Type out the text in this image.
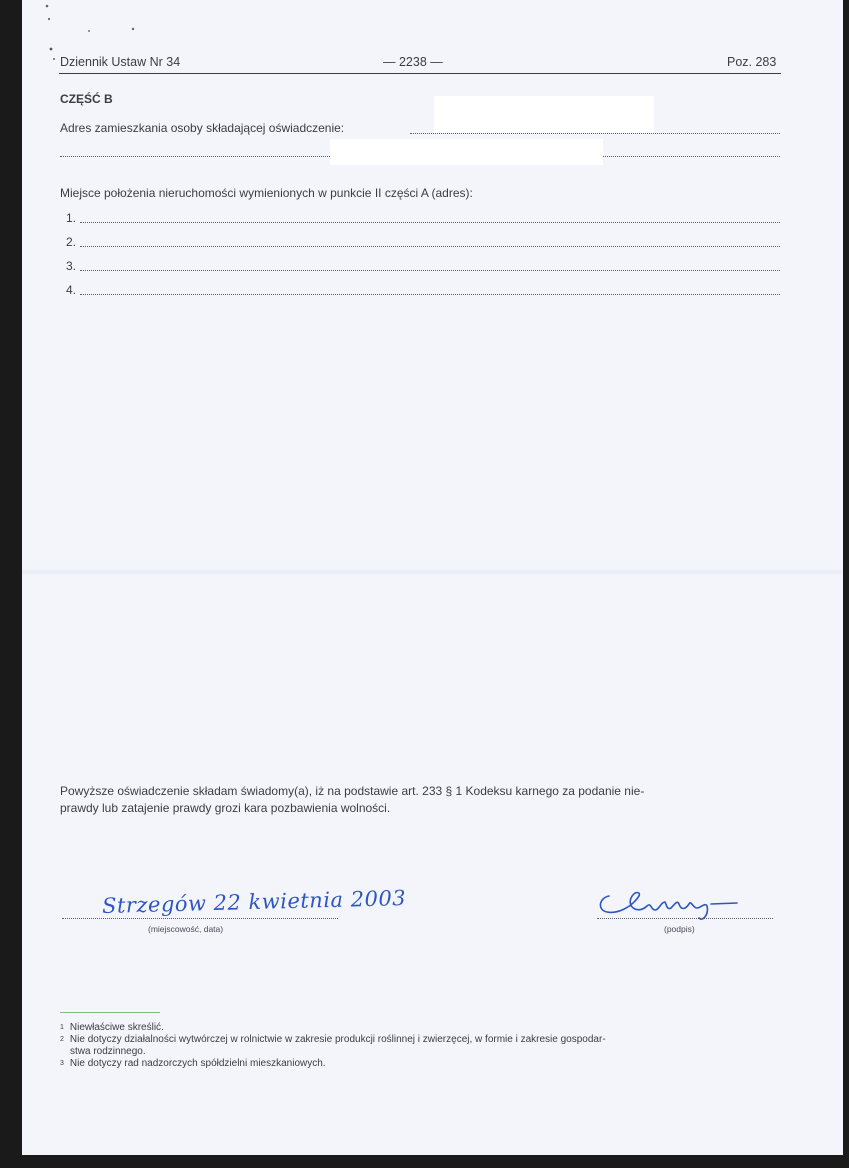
Dziennik Ustaw Nr 34	— 2238 —	Poz. 283
CZĘŚĆ B
Adres zamieszkania osoby składającej oświadczenie:
Miejsce położenia nieruchomości wymienionych w punkcie II części A (adres):
1.
2.
3.
4.
Powyższe oświadczenie składam świadomy(a), iż na podstawie art. 233 § 1 Kodeksu karnego za podanie nie-
prawdy lub zatajenie prawdy grozi kara pozbawienia wolności.
Strzegów 22 kwietnia 2003
(miejscowość, data)	(podpis)
$^1$ Niewłaściwe skreślić.
$^2$ Nie dotyczy działalności wytwórczej w rolnictwie w zakresie produkcji roślinnej i zwierzęcej, w formie i zakresie gospodar-
stwa rodzinnego.
$^3$ Nie dotyczy rad nadzorczych spółdzielni mieszkaniowych.
